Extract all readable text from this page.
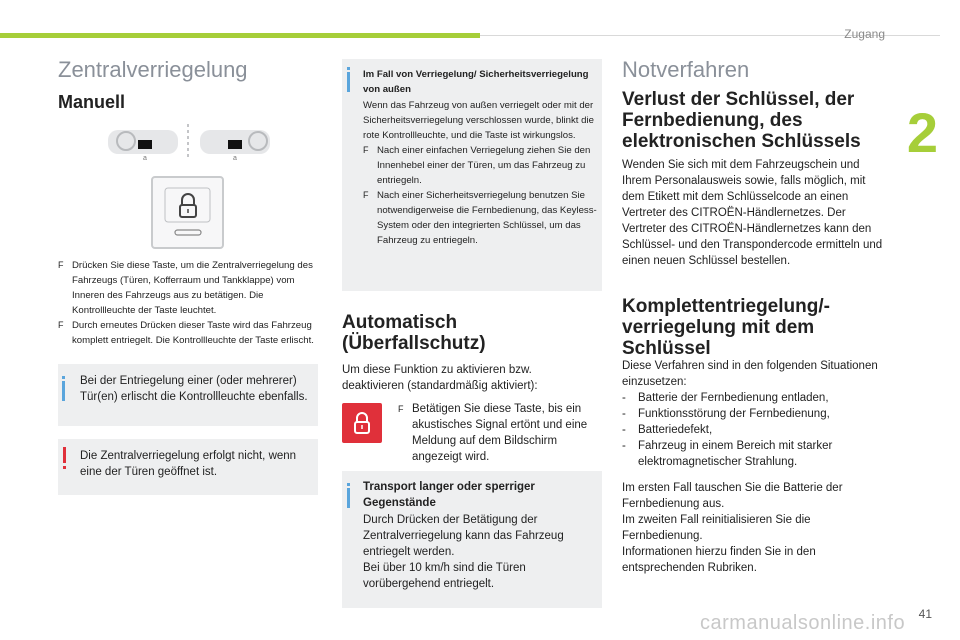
Zugang
2
Zentralverriegelung
Manuell
a	a
F Drücken Sie diese Taste, um die Zentralverriegelung des Fahrzeugs (Türen, Kofferraum und Tankklappe) vom Inneren des Fahrzeugs aus zu betätigen. Die Kontrollleuchte der Taste leuchtet.
F Durch erneutes Drücken dieser Taste wird das Fahrzeug komplett entriegelt. Die Kontrollleuchte der Taste erlischt.
Bei der Entriegelung einer (oder mehrerer) Tür(en) erlischt die Kontrollleuchte ebenfalls.
Die Zentralverriegelung erfolgt nicht, wenn eine der Türen geöffnet ist.
Im Fall von Verriegelung/ Sicherheitsverriegelung von außen
Wenn das Fahrzeug von außen verriegelt oder mit der Sicherheitsverriegelung verschlossen wurde, blinkt die rote Kontrollleuchte, und die Taste ist wirkungslos.
F Nach einer einfachen Verriegelung ziehen Sie den Innenhebel einer der Türen, um das Fahrzeug zu entriegeln.
F Nach einer Sicherheitsverriegelung benutzen Sie notwendigerweise die Fernbedienung, das Keyless-System oder den integrierten Schlüssel, um das Fahrzeug zu entriegeln.
Automatisch (Überfallschutz)
Um diese Funktion zu aktivieren bzw. deaktivieren (standardmäßig aktiviert):
F Betätigen Sie diese Taste, bis ein akustisches Signal ertönt und eine Meldung auf dem Bildschirm angezeigt wird.
Transport langer oder sperriger Gegenstände
Durch Drücken der Betätigung der Zentralverriegelung kann das Fahrzeug entriegelt werden.
Bei über 10 km/h sind die Türen vorübergehend entriegelt.
Notverfahren
Verlust der Schlüssel, der Fernbedienung, des elektronischen Schlüssels
Wenden Sie sich mit dem Fahrzeugschein und Ihrem Personalausweis sowie, falls möglich, mit dem Etikett mit dem Schlüsselcode an einen Vertreter des CITROËN-Händlernetzes. Der Vertreter des CITROËN-Händlernetzes kann den Schlüssel- und den Transpondercode ermitteln und einen neuen Schlüssel bestellen.
Komplettentriegelung/-verriegelung mit dem Schlüssel
Diese Verfahren sind in den folgenden Situationen einzusetzen:
- Batterie der Fernbedienung entladen,
- Funktionsstörung der Fernbedienung,
- Batteriedefekt,
- Fahrzeug in einem Bereich mit starker elektromagnetischer Strahlung.
Im ersten Fall tauschen Sie die Batterie der Fernbedienung aus.
Im zweiten Fall reinitialisieren Sie die Fernbedienung.
Informationen hierzu finden Sie in den entsprechenden Rubriken.
41
carmanualsonline.info
